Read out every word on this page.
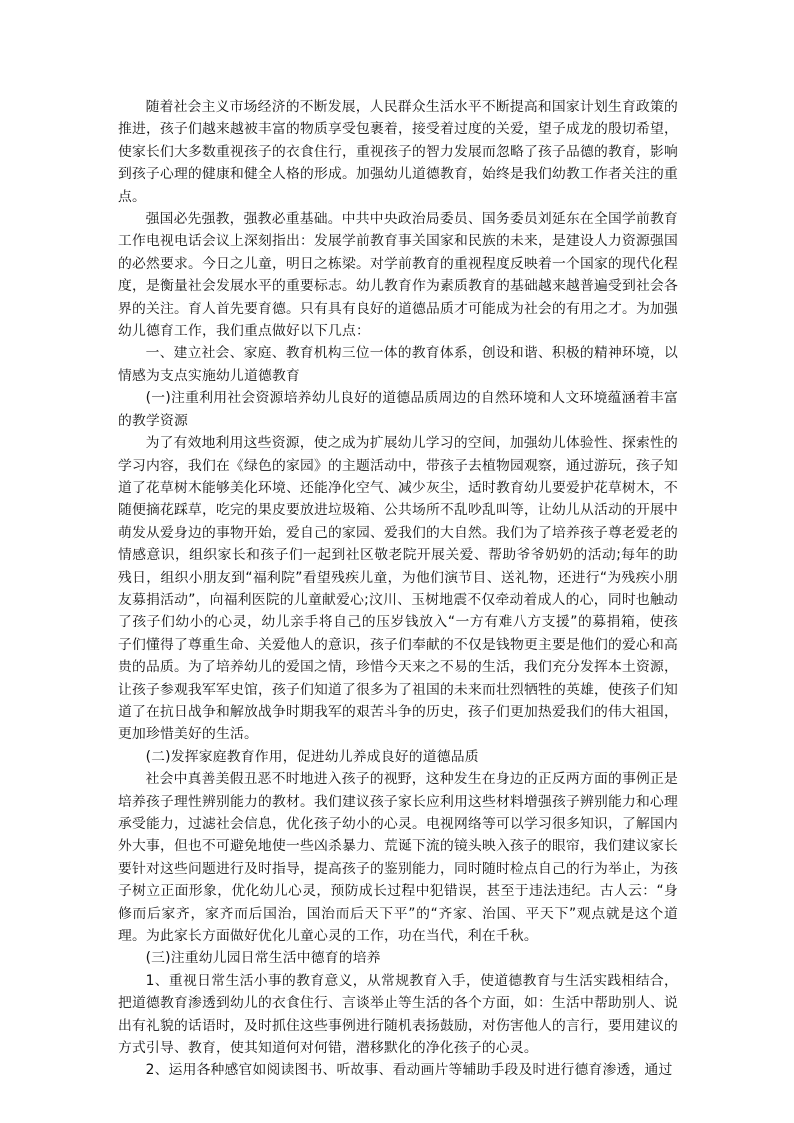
随着社会主义市场经济的不断发展，人民群众生活水平不断提高和国家计划生育政策的推进，孩子们越来越被丰富的物质享受包裹着，接受着过度的关爱，望子成龙的殷切希望，使家长们大多数重视孩子的衣食住行，重视孩子的智力发展而忽略了孩子品德的教育，影响到孩子心理的健康和健全人格的形成。加强幼儿道德教育，始终是我们幼教工作者关注的重点。

强国必先强教，强教必重基础。中共中央政治局委员、国务委员刘延东在全国学前教育工作电视电话会议上深刻指出：发展学前教育事关国家和民族的未来，是建设人力资源强国的必然要求。今日之儿童，明日之栋梁。对学前教育的重视程度反映着一个国家的现代化程度，是衡量社会发展水平的重要标志。幼儿教育作为素质教育的基础越来越普遍受到社会各界的关注。育人首先要育德。只有具有良好的道德品质才可能成为社会的有用之才。为加强幼儿德育工作，我们重点做好以下几点：

一、建立社会、家庭、教育机构三位一体的教育体系，创设和谐、积极的精神环境，以情感为支点实施幼儿道德教育

(一)注重利用社会资源培养幼儿良好的道德品质周边的自然环境和人文环境蕴涵着丰富的教学资源

为了有效地利用这些资源，使之成为扩展幼儿学习的空间，加强幼儿体验性、探索性的学习内容，我们在《绿色的家园》的主题活动中，带孩子去植物园观察，通过游玩，孩子知道了花草树木能够美化环境、还能净化空气、减少灰尘，适时教育幼儿要爱护花草树木，不随便摘花踩草，吃完的果皮要放进垃圾箱、公共场所不乱吵乱叫等，让幼儿从活动的开展中萌发从爱身边的事物开始，爱自己的家园、爱我们的大自然。我们为了培养孩子尊老爱老的情感意识，组织家长和孩子们一起到社区敬老院开展关爱、帮助爷爷奶奶的活动;每年的助残日，组织小朋友到“福利院”看望残疾儿童，为他们演节目、送礼物，还进行“为残疾小朋友募捐活动”，向福利医院的儿童献爱心;汶川、玉树地震不仅牵动着成人的心，同时也触动了孩子们幼小的心灵，幼儿亲手将自己的压岁钱放入“一方有难八方支援”的募捐箱，使孩子们懂得了尊重生命、关爱他人的意识，孩子们奉献的不仅是钱物更主要是他们的爱心和高贵的品质。为了培养幼儿的爱国之情，珍惜今天来之不易的生活，我们充分发挥本土资源，让孩子参观我军军史馆，孩子们知道了很多为了祖国的未来而壮烈牺牲的英雄，使孩子们知道了在抗日战争和解放战争时期我军的艰苦斗争的历史，孩子们更加热爱我们的伟大祖国，更加珍惜美好的生活。

(二)发挥家庭教育作用，促进幼儿养成良好的道德品质

社会中真善美假丑恶不时地进入孩子的视野，这种发生在身边的正反两方面的事例正是培养孩子理性辨别能力的教材。我们建议孩子家长应利用这些材料增强孩子辨别能力和心理承受能力，过滤社会信息，优化孩子幼小的心灵。电视网络等可以学习很多知识，了解国内外大事，但也不可避免地使一些凶杀暴力、荒诞下流的镜头映入孩子的眼帘，我们建议家长要针对这些问题进行及时指导，提高孩子的鉴别能力，同时随时检点自己的行为举止，为孩子树立正面形象，优化幼儿心灵，预防成长过程中犯错误，甚至于违法违纪。古人云：“身修而后家齐，家齐而后国治，国治而后天下平”的“齐家、治国、平天下”观点就是这个道理。为此家长方面做好优化儿童心灵的工作，功在当代，利在千秋。

(三)注重幼儿园日常生活中德育的培养

1、重视日常生活小事的教育意义，从常规教育入手，使道德教育与生活实践相结合，把道德教育渗透到幼儿的衣食住行、言谈举止等生活的各个方面，如：生活中帮助别人、说出有礼貌的话语时，及时抓住这些事例进行随机表扬鼓励，对伤害他人的言行，要用建议的方式引导、教育，使其知道何对何错，潜移默化的净化孩子的心灵。

2、运用各种感官如阅读图书、听故事、看动画片等辅助手段及时进行德育渗透，通过
